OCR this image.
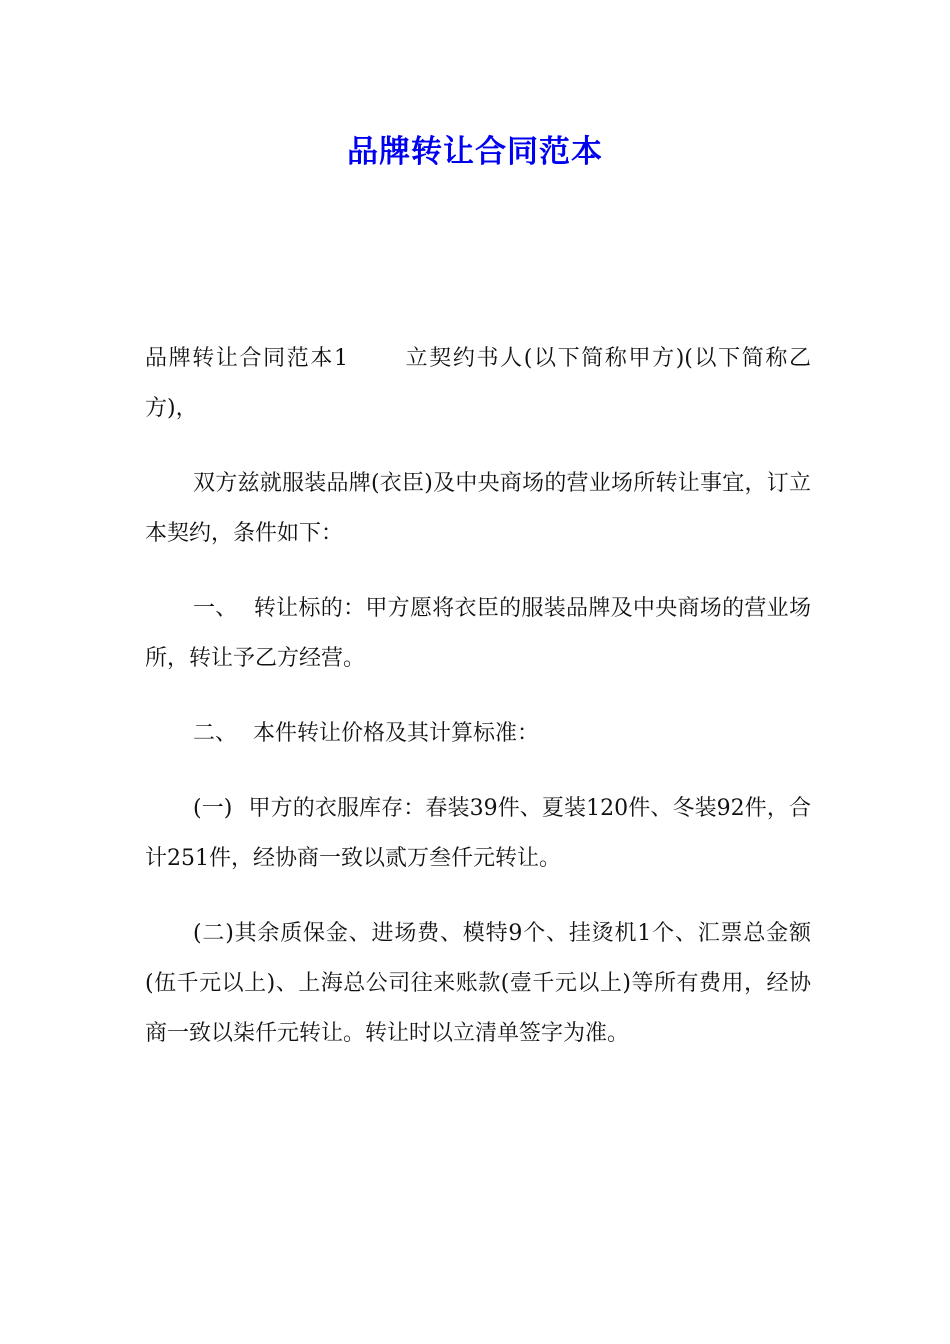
品牌转让合同范本

品牌转让合同范本1	立契约书人(以下简称甲方)(以下简称乙方)，

双方兹就服装品牌(衣臣)及中央商场的营业场所转让事宜，订立本契约，条件如下：

一、 转让标的：甲方愿将衣臣的服装品牌及中央商场的营业场所，转让予乙方经营。

二、 本件转让价格及其计算标准：

(一) 甲方的衣服库存：春装39件、夏装120件、冬装92件，合计251件，经协商一致以贰万叁仟元转让。

(二)其余质保金、进场费、模特9个、挂烫机1个、汇票总金额(伍千元以上)、上海总公司往来账款(壹千元以上)等所有费用，经协商一致以柒仟元转让。转让时以立清单签字为准。
